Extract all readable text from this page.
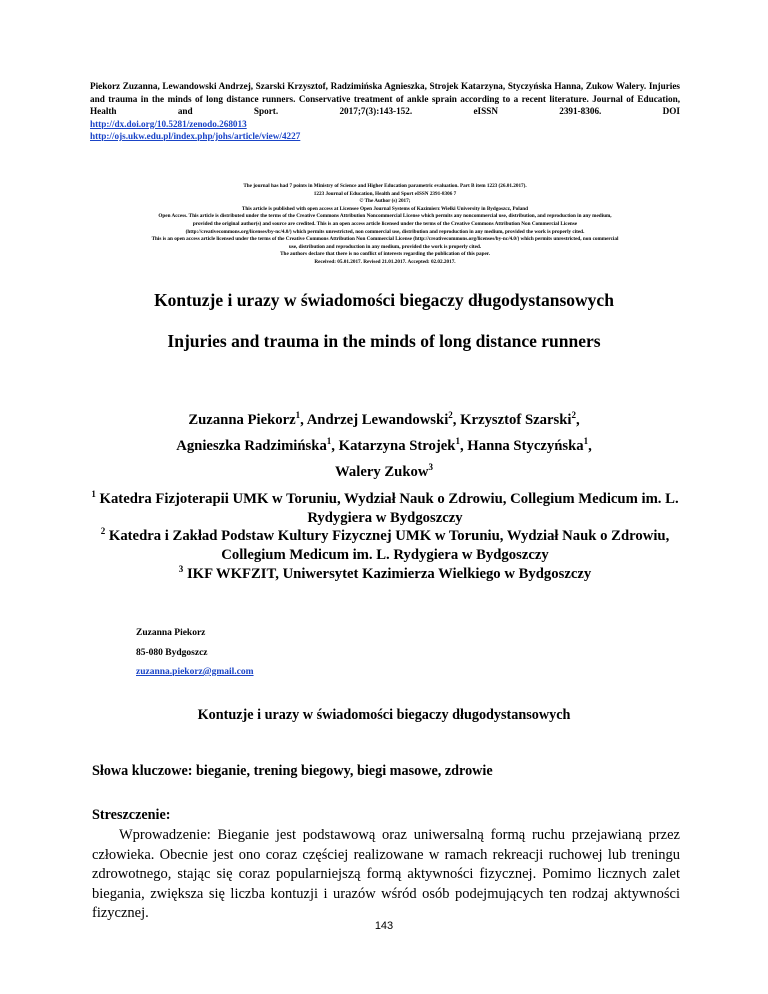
Piekorz Zuzanna, Lewandowski Andrzej, Szarski Krzysztof, Radzimińska Agnieszka, Strojek Katarzyna, Styczyńska Hanna, Zukow Walery. Injuries and trauma in the minds of long distance runners. Conservative treatment of ankle sprain according to a recent literature. Journal of Education, Health and Sport. 2017;7(3):143-152. eISSN 2391-8306. DOI
http://dx.doi.org/10.5281/zenodo.268013
http://ojs.ukw.edu.pl/index.php/johs/article/view/4227
The journal has had 7 points in Ministry of Science and Higher Education parametric evaluation. Part B item 1223 (26.01.2017).
1223 Journal of Education, Health and Sport eISSN 2391-8306 7
© The Author (s) 2017;
This article is published with open access at Licensee Open Journal Systems of Kazimierz Wielki University in Bydgoszcz, Poland
Open Access. This article is distributed under the terms of the Creative Commons Attribution Noncommercial License which permits any noncommercial use, distribution, and reproduction in any medium,
provided the original author(s) and source are credited. This is an open access article licensed under the terms of the Creative Commons Attribution Non Commercial License
(http://creativecommons.org/licenses/by-nc/4.0/) which permits unrestricted, non commercial use, distribution and reproduction in any medium, provided the work is properly cited.
This is an open access article licensed under the terms of the Creative Commons Attribution Non Commercial License (http://creativecommons.org/licenses/by-nc/4.0/) which permits unrestricted, non commercial
use, distribution and reproduction in any medium, provided the work is properly cited.
The authors declare that there is no conflict of interests regarding the publication of this paper.
Received: 05.01.2017. Revised 21.01.2017. Accepted: 02.02.2017.
Kontuzje i urazy w świadomości biegaczy długodystansowych
Injuries and trauma in the minds of long distance runners
Zuzanna Piekorz$^1$, Andrzej Lewandowski$^2$, Krzysztof Szarski$^2$,
Agnieszka Radzimińska$^1$, Katarzyna Strojek$^1$, Hanna Styczyńska$^1$,
Walery Zukow$^3$
$^1$ Katedra Fizjoterapii UMK w Toruniu, Wydział Nauk o Zdrowiu, Collegium Medicum im. L. Rydygiera w Bydgoszczy
$^2$ Katedra i Zakład Podstaw Kultury Fizycznej UMK w Toruniu, Wydział Nauk o Zdrowiu, Collegium Medicum im. L. Rydygiera w Bydgoszczy
$^3$ IKF WKFZIT, Uniwersytet Kazimierza Wielkiego w Bydgoszczy
Zuzanna Piekorz
85-080 Bydgoszcz
zuzanna.piekorz@gmail.com
Kontuzje i urazy w świadomości biegaczy długodystansowych
Słowa kluczowe: bieganie, trening biegowy, biegi masowe, zdrowie
Streszczenie:
Wprowadzenie: Bieganie jest podstawową oraz uniwersalną formą ruchu przejawianą przez człowieka. Obecnie jest ono coraz częściej realizowane w ramach rekreacji ruchowej lub treningu zdrowotnego, stając się coraz popularniejszą formą aktywności fizycznej. Pomimo licznych zalet biegania, zwiększa się liczba kontuzji i urazów wśród osób podejmujących ten rodzaj aktywności fizycznej.
143
